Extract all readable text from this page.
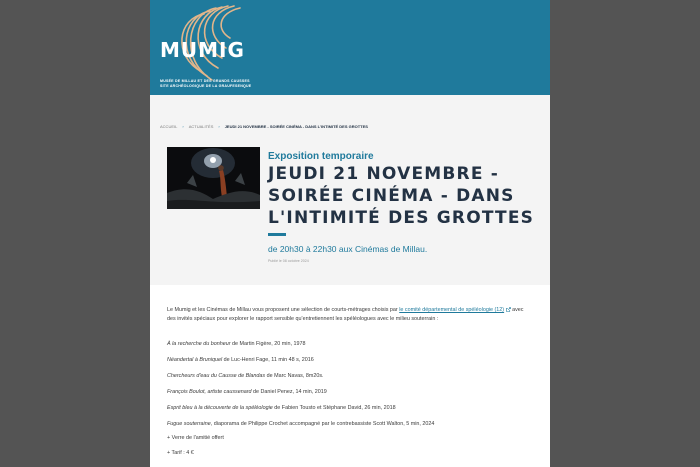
MUMIG
MUSÉE DE MILLAU ET DES GRANDS CAUSSES
SITE ARCHÉOLOGIQUE DE LA GRAUFESENQUE
ACCUEIL › ACTUALITÉS › JEUDI 21 NOVEMBRE - SOIRÉE CINÉMA - DANS L'INTIMITÉ DES GROTTES
Exposition temporaire
JEUDI 21 NOVEMBRE - SOIRÉE CINÉMA - DANS L'INTIMITÉ DES GROTTES
de 20h30 à 22h30 aux Cinémas de Millau.
Publié le 08 octobre 2024

Le Mumig et les Cinémas de Millau vous proposent une sélection de courts-métrages choisis par le comité départemental de spéléologie (12)  avec des invités spéciaux pour explorer le rapport sensible qu'entretiennent les spéléologues avec le milieu souterrain :

À la recherche du bonheur de Martin Figère, 20 min, 1978

Néandertal à Bruniquel de Luc-Henri Fage, 11 min 48 s, 2016

Chercheurs d'eau du Causse de Blandas de Marc Navas, 8m20s.

François Boulot, artiste caussenard de Daniel Penez, 14 min, 2019

Esprit bleu à la découverte de la spéléologie de Fabien Tousto et Stéphane David, 26 min, 2018

Fugue souterraine, diaporama de Philippe Crochet accompagné par le contrebassiste Scott Walton, 5 min, 2024

+ Verre de l'amitié offert

+ Tarif : 4 €
